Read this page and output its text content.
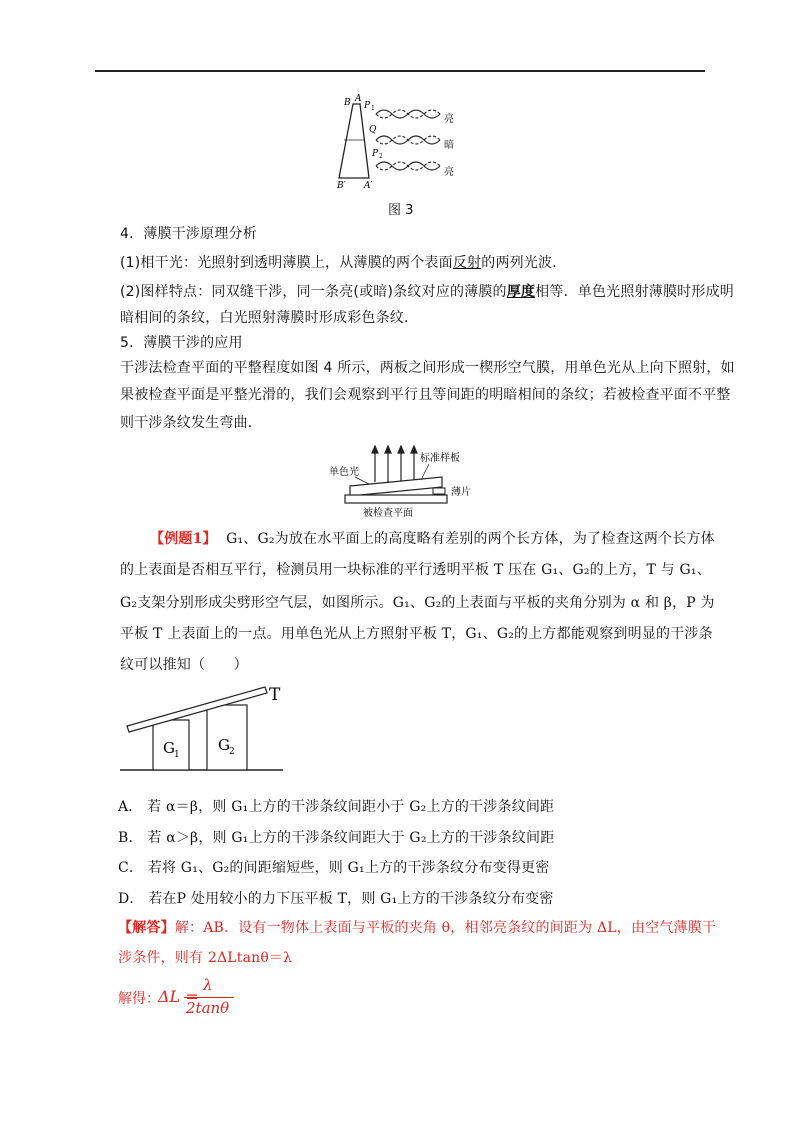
B A
P 1
Q
P 2
B′ A′
亮
暗
亮
图 3
4．薄膜干涉原理分析
(1)相干光：光照射到透明薄膜上，从薄膜的两个表面反射的两列光波．
(2)图样特点：同双缝干涉，同一条亮(或暗)条纹对应的薄膜的厚度相等．单色光照射薄膜时形成明
暗相间的条纹，白光照射薄膜时形成彩色条纹．
5．薄膜干涉的应用
干涉法检查平面的平整程度如图 4 所示，两板之间形成一楔形空气膜，用单色光从上向下照射，如
果被检查平面是平整光滑的，我们会观察到平行且等间距的明暗相间的条纹；若被检查平面不平整
则干涉条纹发生弯曲．
单色光
标准样板
薄片
被检查平面
【例题1】 G₁、G₂为放在水平面上的高度略有差别的两个长方体，为了检查这两个长方体
的上表面是否相互平行，检测员用一块标准的平行透明平板 T 压在 G₁、G₂的上方，T 与 G₁、
G₂支架分别形成尖劈形空气层，如图所示。G₁、G₂的上表面与平板的夹角分别为 α 和 β，P 为
平板 T 上表面上的一点。用单色光从上方照射平板 T，G₁、G₂的上方都能观察到明显的干涉条
纹可以推知（　　）
T
G 1
G 2
A． 若 α＝β，则 G₁上方的干涉条纹间距小于 G₂上方的干涉条纹间距
B． 若 α＞β，则 G₁上方的干涉条纹间距大于 G₂上方的干涉条纹间距
C． 若将 G₁、G₂的间距缩短些，则 G₁上方的干涉条纹分布变得更密
D． 若在P 处用较小的力下压平板 T，则 G₁上方的干涉条纹分布变密
【解答】解：AB．设有一物体上表面与平板的夹角 θ，相邻亮条纹的间距为 ΔL，由空气薄膜干
涉条件，则有 2ΔLtanθ＝λ
解得：
ΔL =
λ
2tanθ
